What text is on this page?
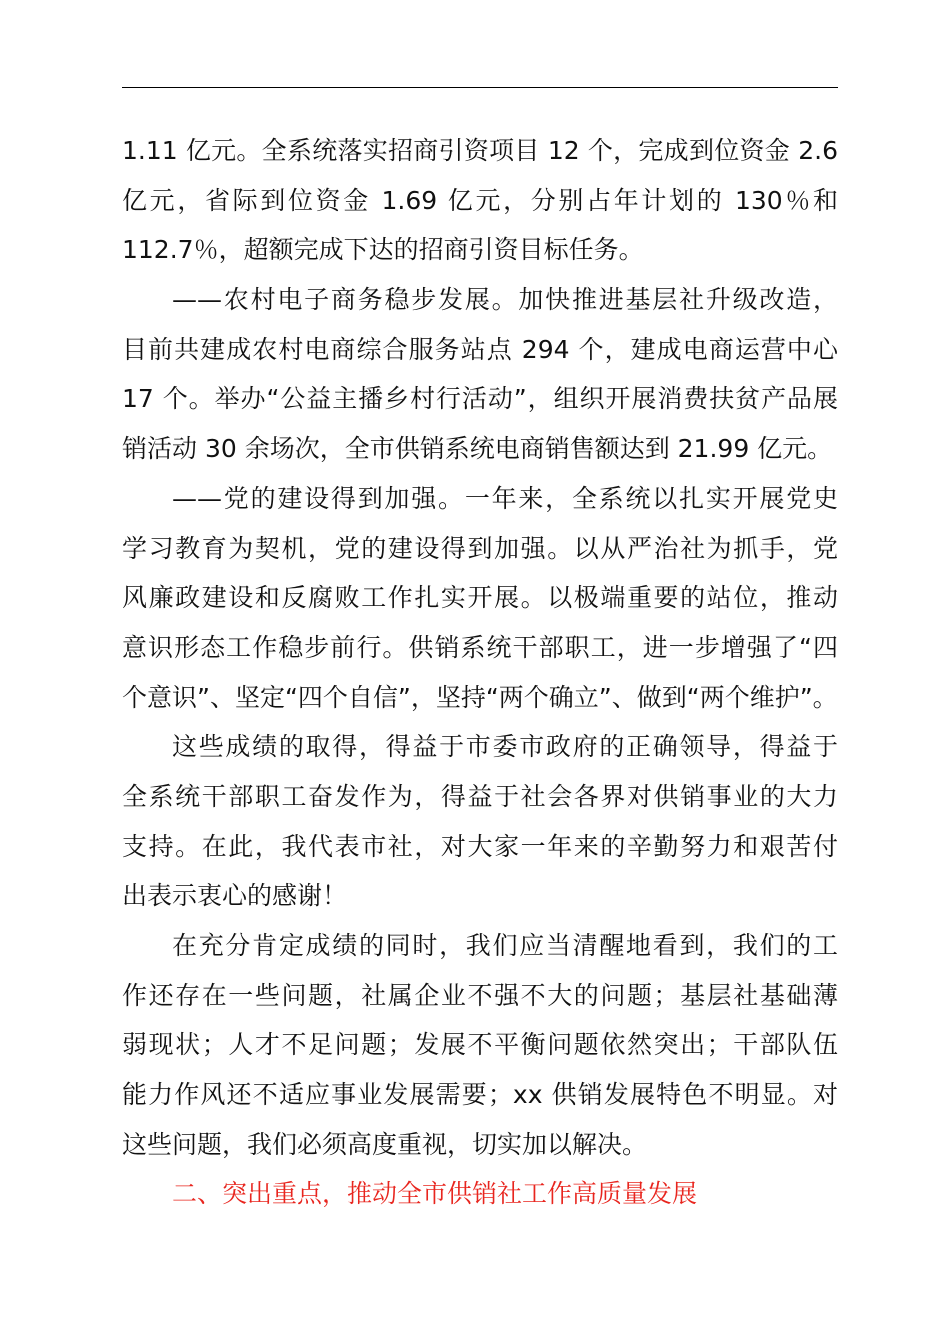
1.11 亿元。全系统落实招商引资项目 12 个，完成到位资金 2.6
亿元，省际到位资金 1.69 亿元，分别占年计划的 130％和
112.7％，超额完成下达的招商引资目标任务。
——农村电子商务稳步发展。加快推进基层社升级改造，
目前共建成农村电商综合服务站点 294 个，建成电商运营中心
17 个。举办“公益主播乡村行活动”，组织开展消费扶贫产品展
销活动 30 余场次，全市供销系统电商销售额达到 21.99 亿元。
——党的建设得到加强。一年来，全系统以扎实开展党史
学习教育为契机，党的建设得到加强。以从严治社为抓手，党
风廉政建设和反腐败工作扎实开展。以极端重要的站位，推动
意识形态工作稳步前行。供销系统干部职工，进一步增强了“四
个意识”、坚定“四个自信”，坚持“两个确立”、做到“两个维护”。
这些成绩的取得，得益于市委市政府的正确领导，得益于
全系统干部职工奋发作为，得益于社会各界对供销事业的大力
支持。在此，我代表市社，对大家一年来的辛勤努力和艰苦付
出表示衷心的感谢！
在充分肯定成绩的同时，我们应当清醒地看到，我们的工
作还存在一些问题，社属企业不强不大的问题；基层社基础薄
弱现状；人才不足问题；发展不平衡问题依然突出；干部队伍
能力作风还不适应事业发展需要；xx 供销发展特色不明显。对
这些问题，我们必须高度重视，切实加以解决。
二、突出重点，推动全市供销社工作高质量发展
